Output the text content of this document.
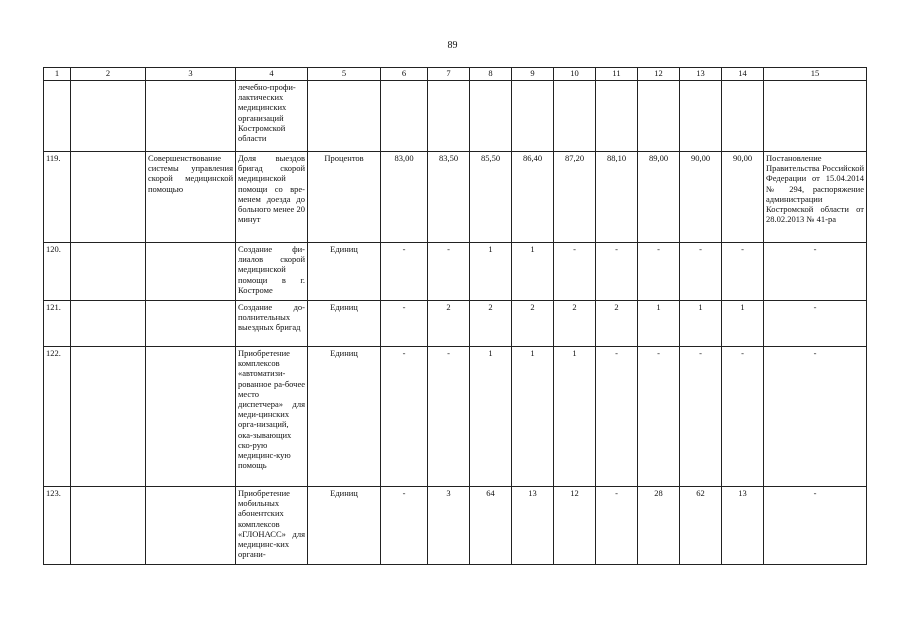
89
1	2	3	4	5	6	7	8	9	10	11	12	13	14	15
			лечебно-профи-лактических медицинских организаций Костромской области											
119.		Совершенствование системы управления скорой медицинской помощью	Доля выездов бригад скорой медицинской помощи со вре-менем доезда до больного менее 20 минут	Процентов	83,00	83,50	85,50	86,40	87,20	88,10	89,00	90,00	90,00	Постановление Правительства Российской Федерации от 15.04.2014 № 294, распоряжение администрации Костромской области от 28.02.2013 № 41-ра
120.			Создание фи-лиалов скорой медицинской помощи в г. Костроме	Единиц	-	-	1	1	-	-	-	-	-	-
121.			Создание до-полнительных выездных бригад	Единиц	-	2	2	2	2	2	1	1	1	-
122.			Приобретение комплексов «автоматизи-рованное ра-бочее место диспетчера» для меди-цинских орга-низаций, ока-зывающих ско-рую медицинс-кую помощь	Единиц	-	-	1	1	1	-	-	-	-	-
123.			Приобретение мобильных абонентских комплексов «ГЛОНАСС» для медицинс-ких органи-	Единиц	-	3	64	13	12	-	28	62	13	-
